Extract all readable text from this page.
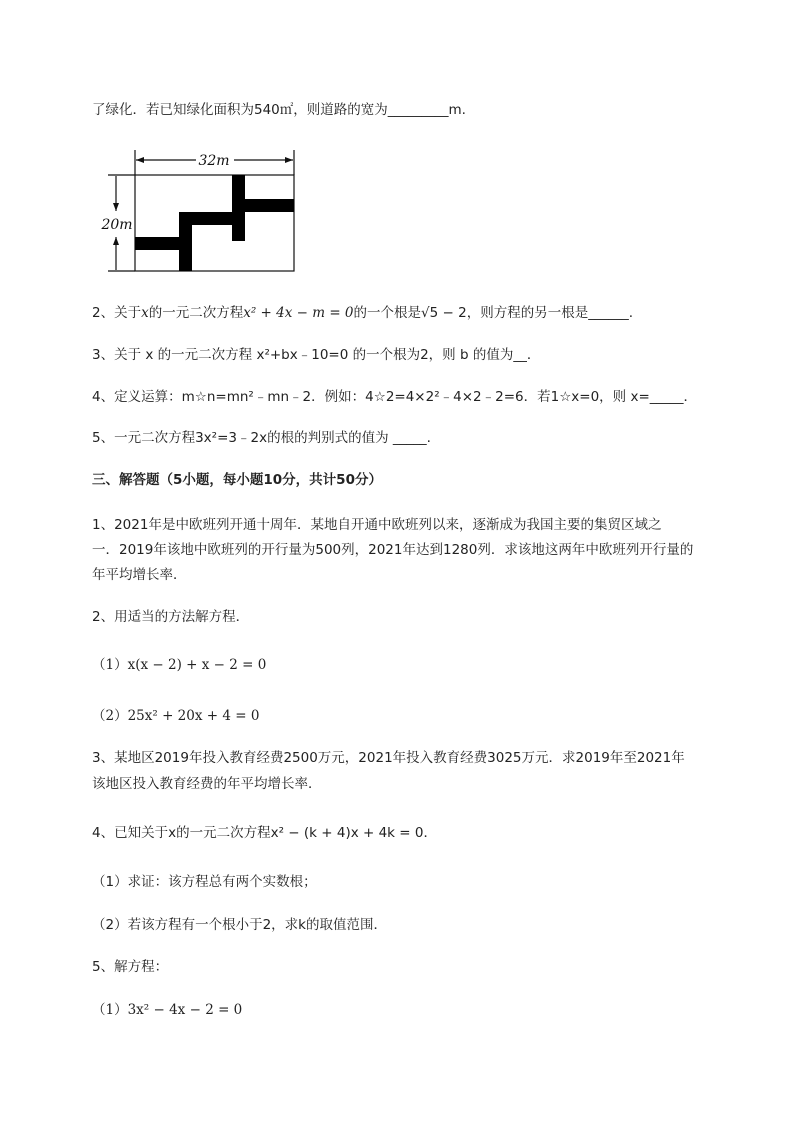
了绿化．若已知绿化面积为540㎡，则道路的宽为_________m.
32m
20m
2、关于x的一元二次方程x² + 4x − m = 0的一个根是√5 − 2，则方程的另一根是______.
3、关于 x 的一元二次方程 x²+bx﹣10=0 的一个根为2，则 b 的值为__．
4、定义运算：m☆n=mn²﹣mn﹣2．例如：4☆2=4×2²﹣4×2﹣2=6．若1☆x=0，则 x=_____．
5、一元二次方程3x²=3﹣2x的根的判别式的值为 _____.
三、解答题（5小题，每小题10分，共计50分）
1、2021年是中欧班列开通十周年．某地自开通中欧班列以来，逐渐成为我国主要的集贸区域之
一．2019年该地中欧班列的开行量为500列，2021年达到1280列．求该地这两年中欧班列开行量的
年平均增长率．
2、用适当的方法解方程．
（1）x(x − 2) + x − 2 = 0
（2）25x² + 20x + 4 = 0
3、某地区2019年投入教育经费2500万元，2021年投入教育经费3025万元．求2019年至2021年
该地区投入教育经费的年平均增长率．
4、已知关于x的一元二次方程x² − (k + 4)x + 4k = 0．
（1）求证：该方程总有两个实数根；
（2）若该方程有一个根小于2，求k的取值范围．
5、解方程：
（1）3x² − 4x − 2 = 0
